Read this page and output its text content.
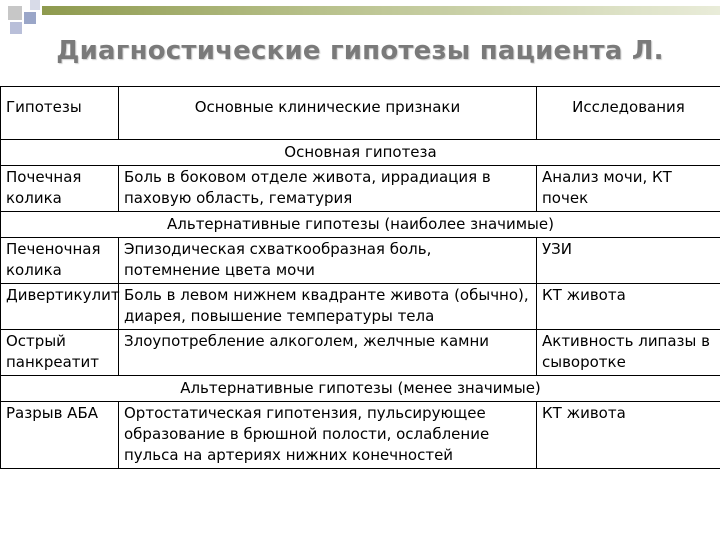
Диагностические гипотезы пациента Л.
Гипотезы	Основные клинические признаки	Исследования
Основная гипотеза		
Почечная колика	Боль в боковом отделе живота, иррадиация в паховую область, гематурия	Анализ мочи, КТ почек
Альтернативные гипотезы (наиболее значимые)		
Печеночная колика	Эпизодическая схваткообразная боль, потемнение цвета мочи	УЗИ
Дивертикулит	Боль в левом нижнем квадранте живота (обычно), диарея, повышение температуры тела	КТ живота
Острый панкреатит	Злоупотребление алкоголем, желчные камни	Активность липазы в сыворотке
Альтернативные гипотезы (менее значимые)		
Разрыв АБА	Ортостатическая гипотензия, пульсирующее образование в брюшной полости, ослабление пульса на артериях нижних конечностей	КТ живота
